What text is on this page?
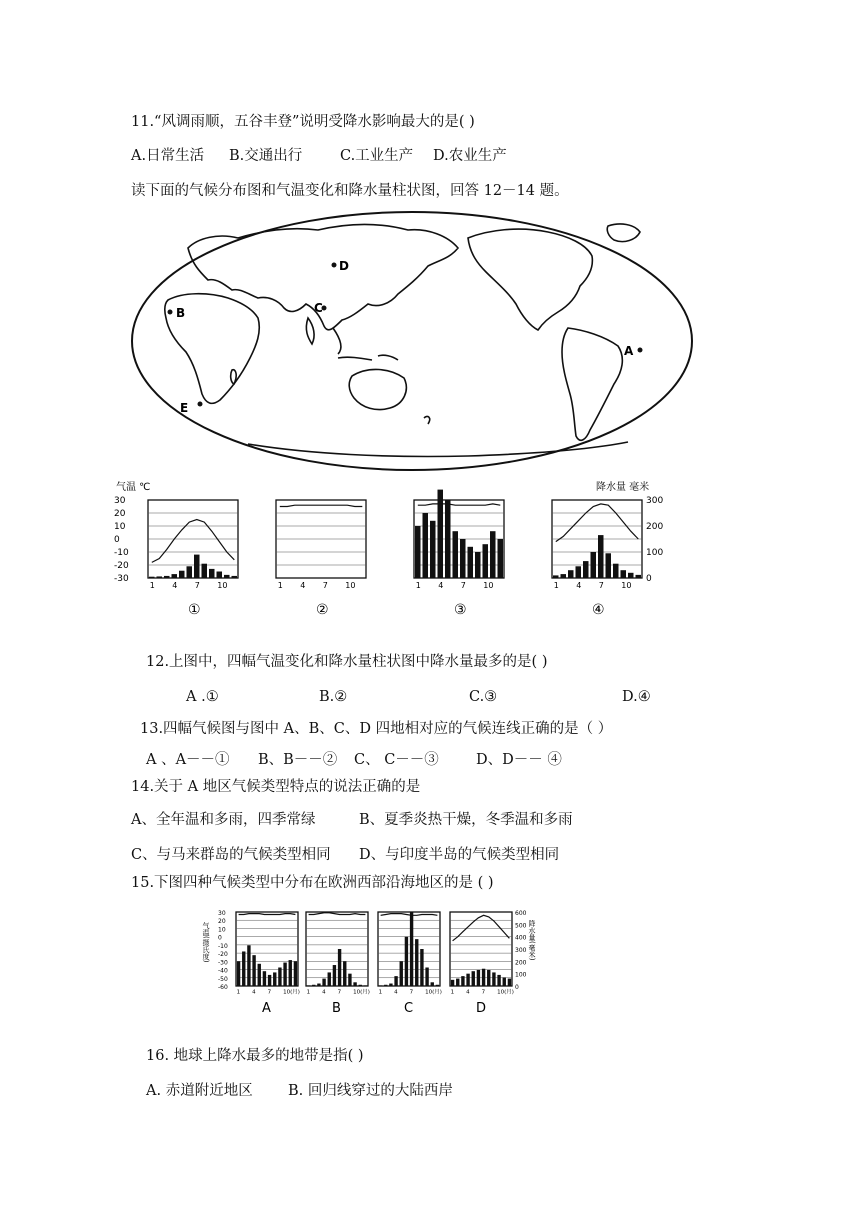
11.“风调雨顺，五谷丰登”说明受降水影响最大的是( )
A.日常生活 B.交通出行	C.工业生产 D.农业生产
读下面的气候分布图和气温变化和降水量柱状图，回答 12－14 题。
D
C
B
A
E
气温 ℃	降水量 毫米
30
20
10
0
-10
-20
-30
300
200
100
0
1 4 7 10
①
1 4 7 10
②
1 4 7 10
③
1 4 7 10
④
12.上图中，四幅气温变化和降水量柱状图中降水量最多的是( )
A .①	B.②	C.③	D.④
13.四幅气候图与图中 A、B、C、D 四地相对应的气候连线正确的是（ ）
A 、A－－① B、B－－② C、 C－－③	D、D－－ ④
14.关于 A 地区气候类型特点的说法正确的是
A、全年温和多雨，四季常绿	B、夏季炎热干燥，冬季温和多雨
C、与马来群岛的气候类型相同 D、与印度半岛的气候类型相同
15.下图四种气候类型中分布在欧洲西部沿海地区的是 ( )
气温(摄氏度)
30
20
10
0
-10
-20
-30
-40
-50
-60
600
500
400
300
200
100
0
降水量(毫米)
1 4 7 10(月)
A
1 4 7 10(月)
B
1 4 7 10(月)
C
1 4 7 10(月)
D
16. 地球上降水最多的地带是指( )
A. 赤道附近地区 B. 回归线穿过的大陆西岸
